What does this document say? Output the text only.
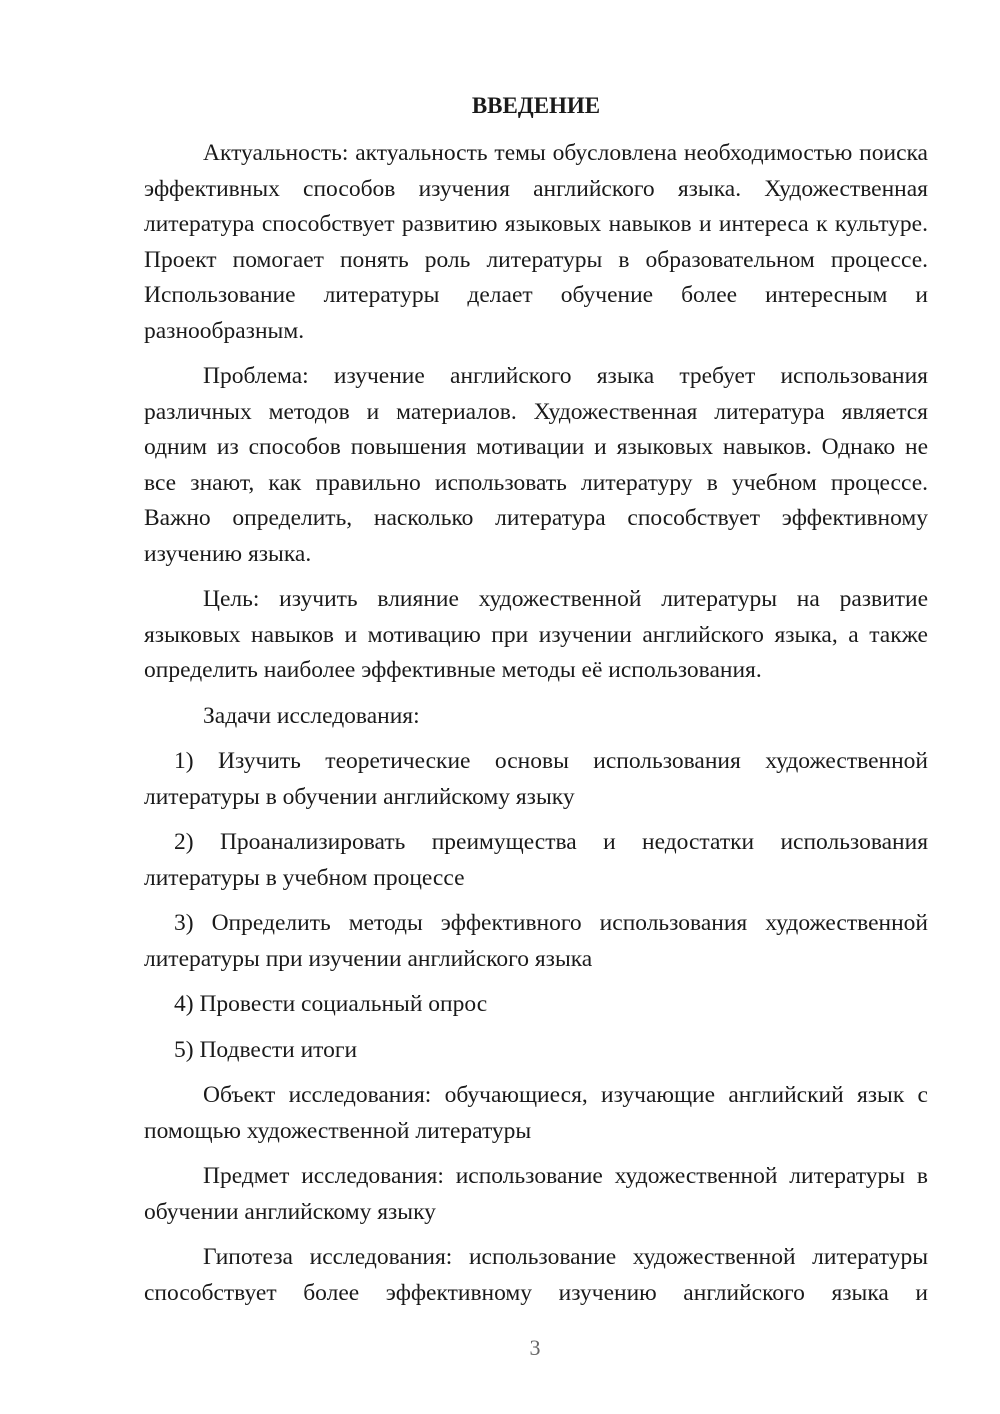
ВВЕДЕНИЕ

Актуальность: актуальность темы обусловлена необходимостью поиска эффективных способов изучения английского языка. Художественная литература способствует развитию языковых навыков и интереса к культуре. Проект помогает понять роль литературы в образовательном процессе. Использование литературы делает обучение более интересным и разнообразным.

Проблема: изучение английского языка требует использования различных методов и материалов. Художественная литература является одним из способов повышения мотивации и языковых навыков. Однако не все знают, как правильно использовать литературу в учебном процессе. Важно определить, насколько литература способствует эффективному изучению языка.

Цель: изучить влияние художественной литературы на развитие языковых навыков и мотивацию при изучении английского языка, а также определить наиболее эффективные методы её использования.

Задачи исследования:

1) Изучить теоретические основы использования художественной литературы в обучении английскому языку

2) Проанализировать преимущества и недостатки использования литературы в учебном процессе

3) Определить методы эффективного использования художественной литературы при изучении английского языка

4) Провести социальный опрос

5) Подвести итоги

Объект исследования: обучающиеся, изучающие английский язык с помощью художественной литературы

Предмет исследования: использование художественной литературы в обучении английскому языку

Гипотеза исследования: использование художественной литературы способствует более эффективному изучению английского языка и

3
